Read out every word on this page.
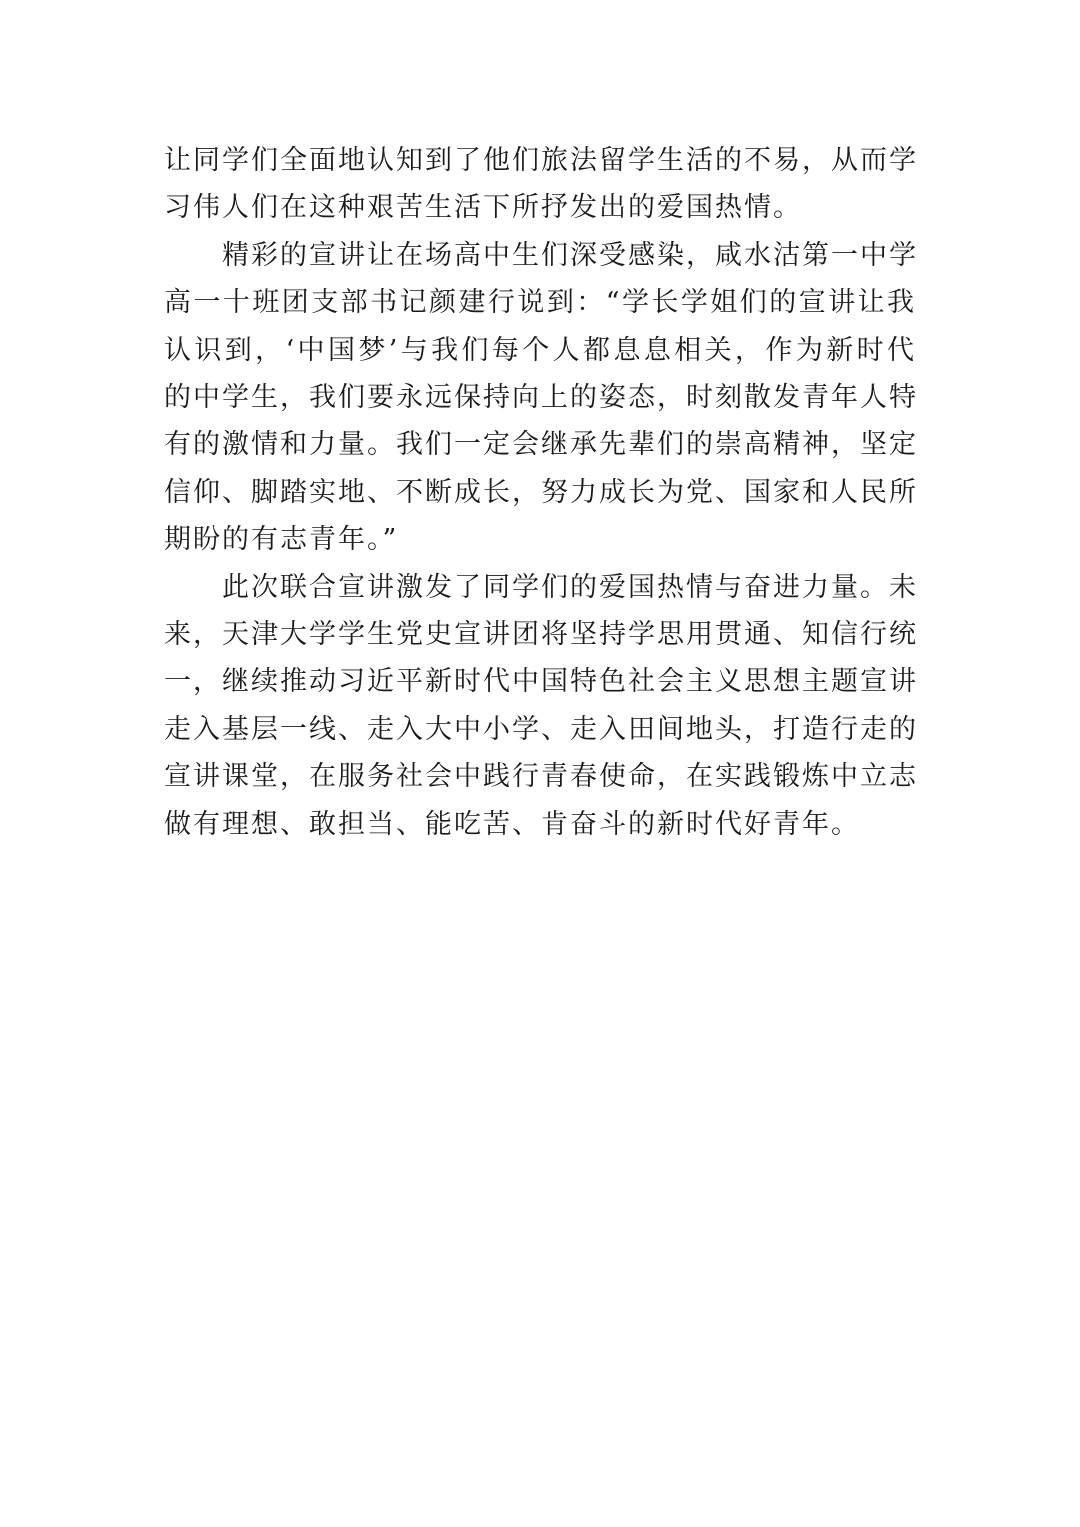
让同学们全面地认知到了他们旅法留学生活的不易，从而学
习伟人们在这种艰苦生活下所抒发出的爱国热情。

　　精彩的宣讲让在场高中生们深受感染，咸水沽第一中学
高一十班团支部书记颜建行说到：“学长学姐们的宣讲让我
认识到，‘中国梦’与我们每个人都息息相关，作为新时代
的中学生，我们要永远保持向上的姿态，时刻散发青年人特
有的激情和力量。我们一定会继承先辈们的崇高精神，坚定
信仰、脚踏实地、不断成长，努力成长为党、国家和人民所
期盼的有志青年。”

　　此次联合宣讲激发了同学们的爱国热情与奋进力量。未
来，天津大学学生党史宣讲团将坚持学思用贯通、知信行统
一，继续推动习近平新时代中国特色社会主义思想主题宣讲
走入基层一线、走入大中小学、走入田间地头，打造行走的
宣讲课堂，在服务社会中践行青春使命，在实践锻炼中立志
做有理想、敢担当、能吃苦、肯奋斗的新时代好青年。
